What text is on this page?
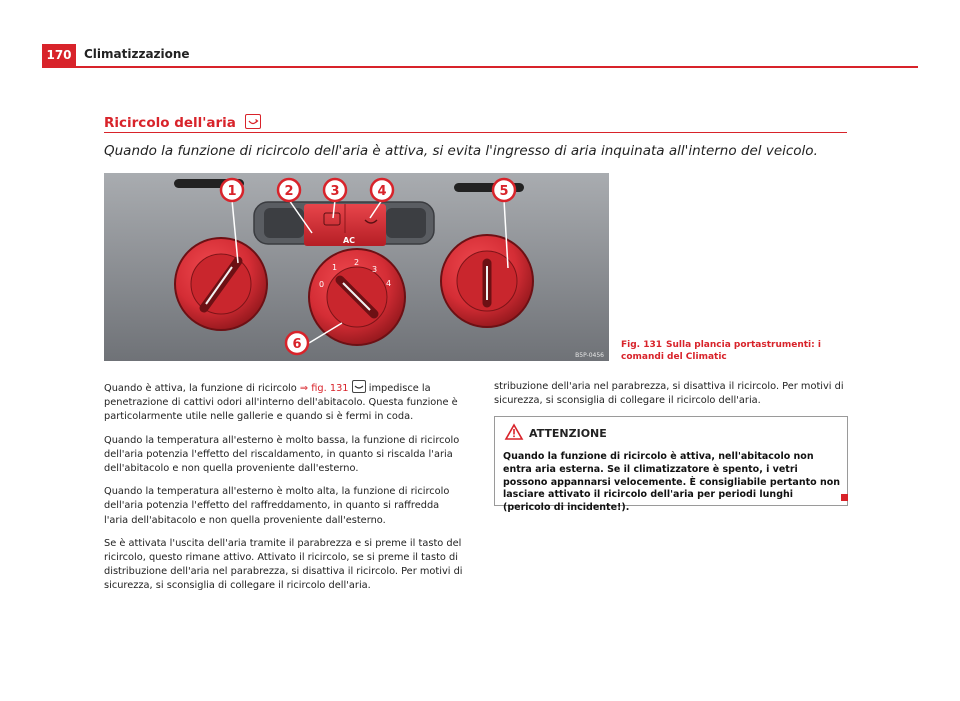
170	Climatizzazione
Ricircolo dell'aria
Quando la funzione di ricircolo dell'aria è attiva, si evita l'ingresso di aria inquinata all'interno del veicolo.
AC
0
1
2
3
4
1	2	3	4	5
6
B5P-0456
Fig. 131 Sulla plancia portastrumenti: i comandi del Climatic

Quando è attiva, la funzione di ricircolo ⇒ fig. 131
impedisce la penetrazione di cattivi odori all'interno dell'abitacolo. Questa funzione è particolarmente utile nelle gallerie e quando si è fermi in coda.

Quando la temperatura all'esterno è molto bassa, la funzione di ricircolo dell'aria potenzia l'effetto del riscaldamento, in quanto si riscalda l'aria dell'abitacolo e non quella proveniente dall'esterno.

Quando la temperatura all'esterno è molto alta, la funzione di ricircolo dell'aria potenzia l'effetto del raffreddamento, in quanto si raffredda l'aria dell'abitacolo e non quella proveniente dall'esterno.

Se è attivata l'uscita dell'aria tramite il parabrezza e si preme il tasto del ricircolo, questo rimane attivo. Attivato il ricircolo, se si preme il tasto di distribuzione dell'aria nel parabrezza, si disattiva il ricircolo. Per motivi di sicurezza, si sconsiglia di collegare il ricircolo dell'aria.

stribuzione dell'aria nel parabrezza, si disattiva il ricircolo. Per motivi di sicurezza, si sconsiglia di collegare il ricircolo dell'aria.

ATTENZIONE
Quando la funzione di ricircolo è attiva, nell'abitacolo non entra aria esterna. Se il climatizzatore è spento, i vetri possono appannarsi velocemente. È consigliabile pertanto non lasciare attivato il ricircolo dell'aria per periodi lunghi (pericolo di incidente!).
